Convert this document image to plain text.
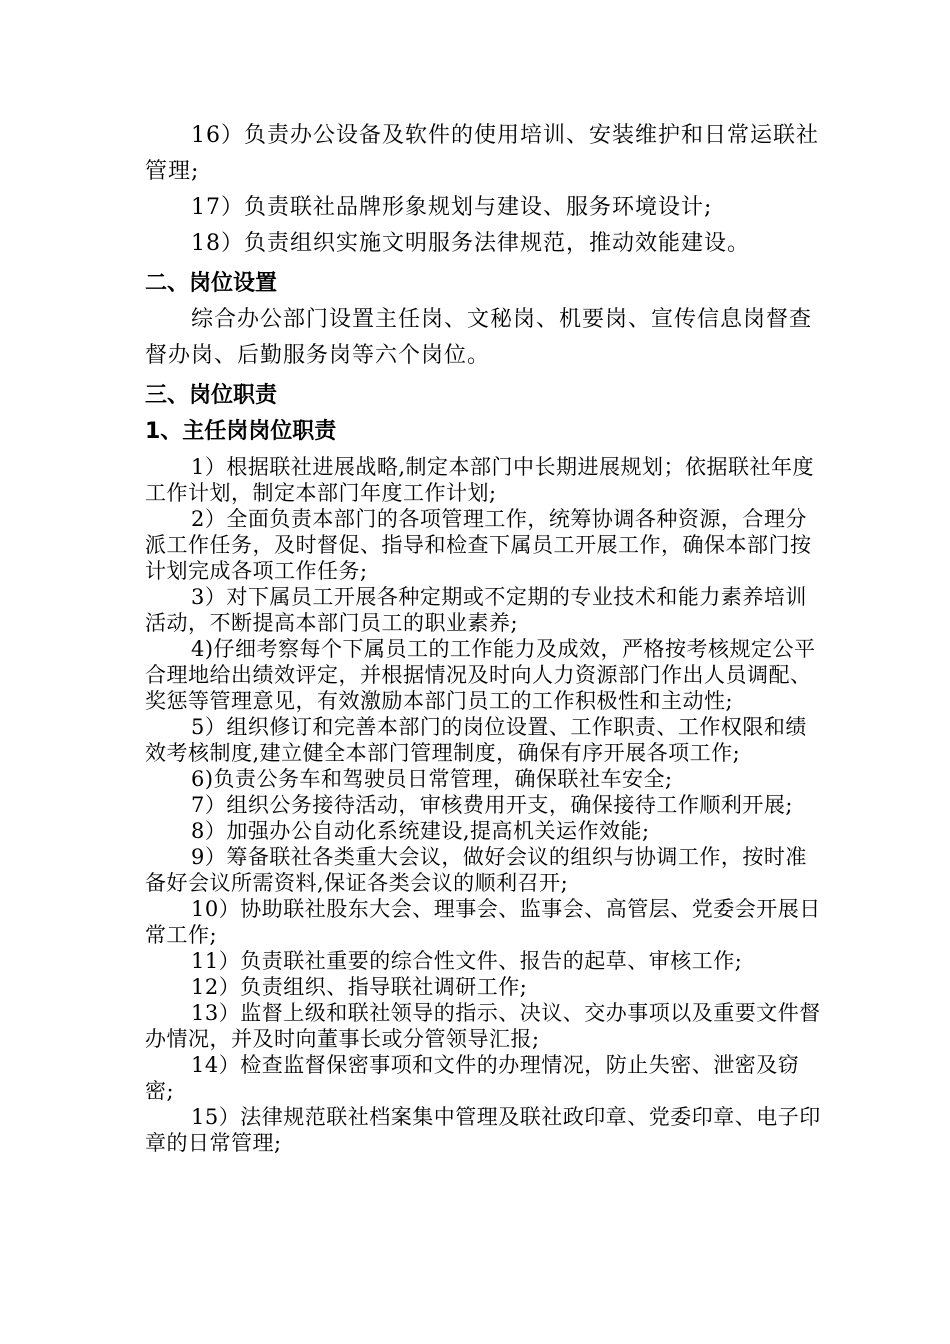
16）负责办公设备及软件的使用培训、安装维护和日常运联社管理;

17）负责联社品牌形象规划与建设、服务环境设计;

18）负责组织实施文明服务法律规范，推动效能建设。

二、岗位设置

综合办公部门设置主任岗、文秘岗、机要岗、宣传信息岗督查督办岗、后勤服务岗等六个岗位。

三、岗位职责

1、主任岗岗位职责

1）根据联社进展战略,制定本部门中长期进展规划；依据联社年度工作计划，制定本部门年度工作计划;

2）全面负责本部门的各项管理工作，统筹协调各种资源，合理分派工作任务，及时督促、指导和检查下属员工开展工作，确保本部门按计划完成各项工作任务;

3）对下属员工开展各种定期或不定期的专业技术和能力素养培训活动，不断提高本部门员工的职业素养;

4)仔细考察每个下属员工的工作能力及成效，严格按考核规定公平合理地给出绩效评定，并根据情况及时向人力资源部门作出人员调配、奖惩等管理意见，有效激励本部门员工的工作积极性和主动性;

5）组织修订和完善本部门的岗位设置、工作职责、工作权限和绩效考核制度,建立健全本部门管理制度，确保有序开展各项工作;

6)负责公务车和驾驶员日常管理，确保联社车安全;

7）组织公务接待活动，审核费用开支，确保接待工作顺利开展;

8）加强办公自动化系统建设,提高机关运作效能;

9）筹备联社各类重大会议，做好会议的组织与协调工作，按时准备好会议所需资料,保证各类会议的顺利召开;

10）协助联社股东大会、理事会、监事会、高管层、党委会开展日常工作;

11）负责联社重要的综合性文件、报告的起草、审核工作;

12）负责组织、指导联社调研工作;

13）监督上级和联社领导的指示、决议、交办事项以及重要文件督办情况，并及时向董事长或分管领导汇报;

14）检查监督保密事项和文件的办理情况，防止失密、泄密及窃密;

15）法律规范联社档案集中管理及联社政印章、党委印章、电子印章的日常管理;
